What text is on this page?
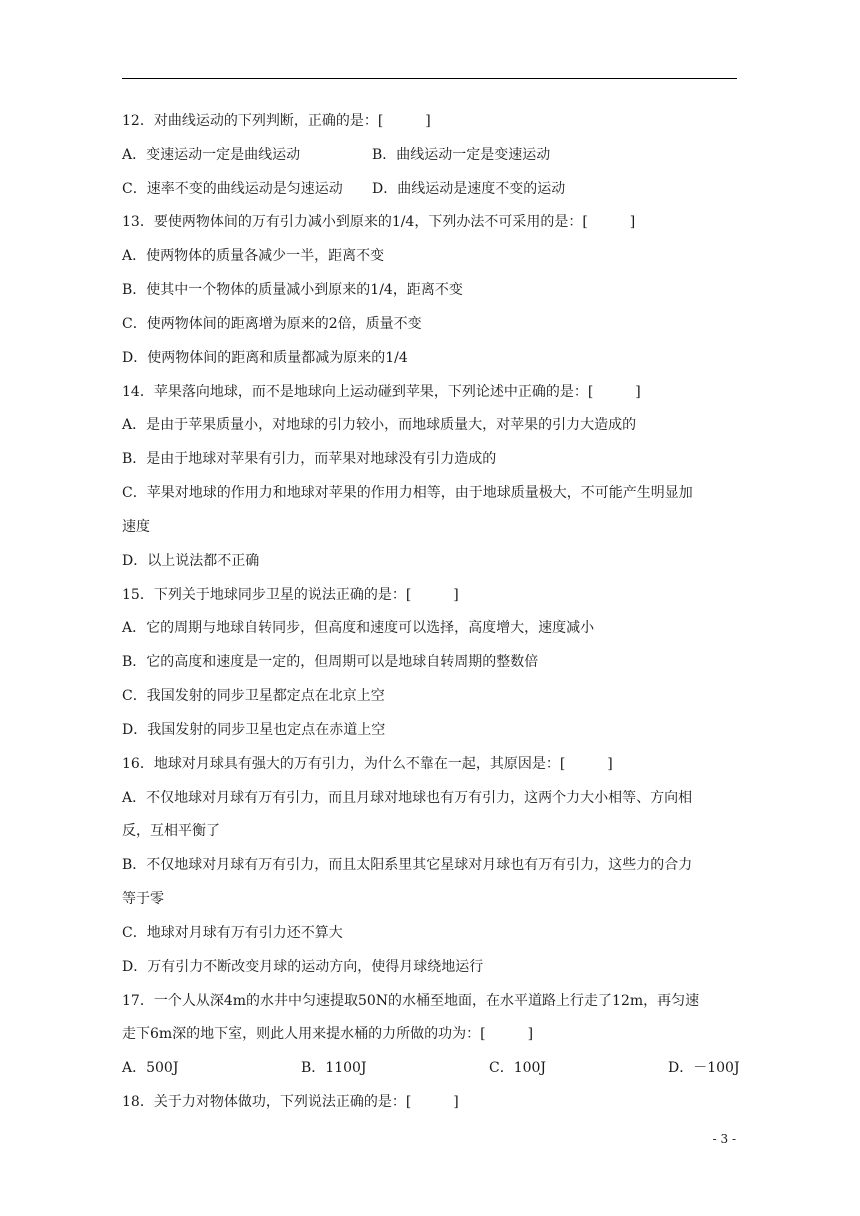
12．对曲线运动的下列判断，正确的是：[　　　]
A．变速运动一定是曲线运动	B．曲线运动一定是变速运动
C．速率不变的曲线运动是匀速运动 D．曲线运动是速度不变的运动
13．要使两物体间的万有引力减小到原来的1/4，下列办法不可采用的是：[　　　]
A．使两物体的质量各减少一半，距离不变
B．使其中一个物体的质量减小到原来的1/4，距离不变
C．使两物体间的距离增为原来的2倍，质量不变
D．使两物体间的距离和质量都减为原来的1/4
14．苹果落向地球，而不是地球向上运动碰到苹果，下列论述中正确的是：[　　　]
A．是由于苹果质量小，对地球的引力较小，而地球质量大，对苹果的引力大造成的
B．是由于地球对苹果有引力，而苹果对地球没有引力造成的
C．苹果对地球的作用力和地球对苹果的作用力相等，由于地球质量极大，不可能产生明显加
速度
D．以上说法都不正确
15．下列关于地球同步卫星的说法正确的是：[　　　]
A．它的周期与地球自转同步，但高度和速度可以选择，高度增大，速度减小
B．它的高度和速度是一定的，但周期可以是地球自转周期的整数倍
C．我国发射的同步卫星都定点在北京上空
D．我国发射的同步卫星也定点在赤道上空
16．地球对月球具有强大的万有引力，为什么不靠在一起，其原因是：[　　　]
A．不仅地球对月球有万有引力，而且月球对地球也有万有引力，这两个力大小相等、方向相
反，互相平衡了
B．不仅地球对月球有万有引力，而且太阳系里其它星球对月球也有万有引力，这些力的合力
等于零
C．地球对月球有万有引力还不算大
D．万有引力不断改变月球的运动方向，使得月球绕地运行
17．一个人从深4m的水井中匀速提取50N的水桶至地面，在水平道路上行走了12m，再匀速
走下6m深的地下室，则此人用来提水桶的力所做的功为：[　　　]
A．500J	B．1100J	C．100J	D．－100J
18．关于力对物体做功，下列说法正确的是：[　　　]
- 3 -
